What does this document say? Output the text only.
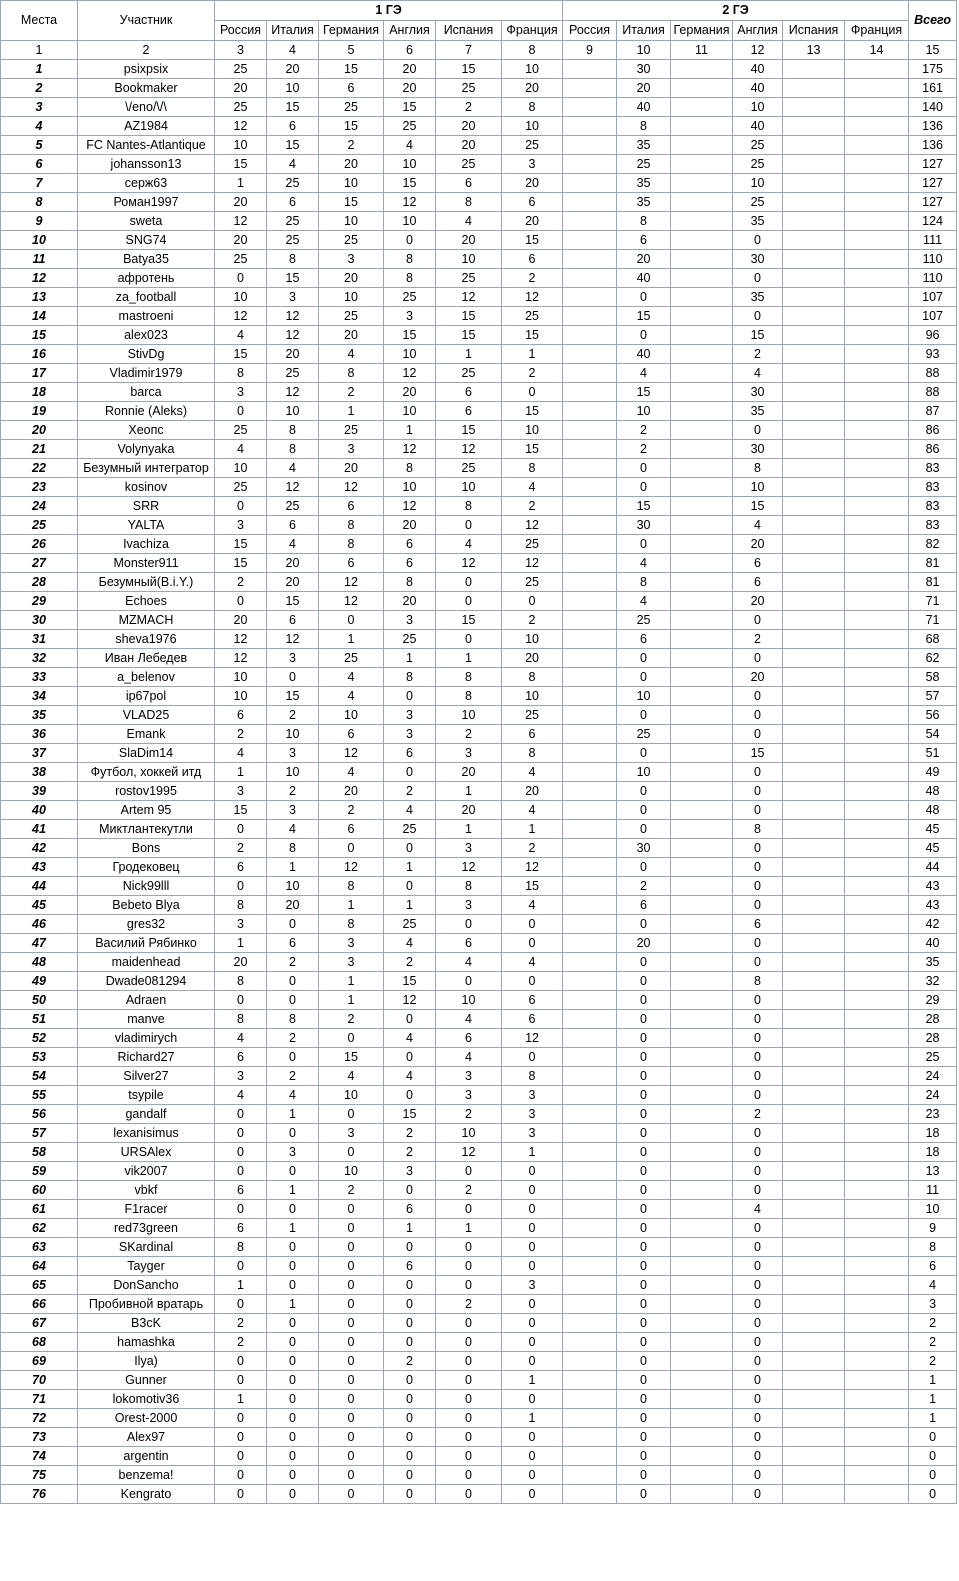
Места	Участник	1 ГЭ						2 ГЭ						Всего
		Россия	Италия	Германия	Англия	Испания	Франция	Россия	Италия	Германия	Англия	Испания	Франция	
1	2	3	4	5	6	7	8	9	10	11	12	13	14	15
1	psixpsix	25	20	15	20	15	10		30		40			175
2	Bookmaker	20	10	6	20	25	20		20		40			161
3	\/eno/\/\	25	15	25	15	2	8		40		10			140
4	AZ1984	12	6	15	25	20	10		8		40			136
5	FC Nantes-Atlantique	10	15	2	4	20	25		35		25			136
6	johansson13	15	4	20	10	25	3		25		25			127
7	серж63	1	25	10	15	6	20		35		10			127
8	Роман1997	20	6	15	12	8	6		35		25			127
9	sweta	12	25	10	10	4	20		8		35			124
10	SNG74	20	25	25	0	20	15		6		0			111
11	Batya35	25	8	3	8	10	6		20		30			110
12	афротень	0	15	20	8	25	2		40		0			110
13	za_football	10	3	10	25	12	12		0		35			107
14	mastroeni	12	12	25	3	15	25		15		0			107
15	alex023	4	12	20	15	15	15		0		15			96
16	StivDg	15	20	4	10	1	1		40		2			93
17	Vladimir1979	8	25	8	12	25	2		4		4			88
18	barca	3	12	2	20	6	0		15		30			88
19	Ronnie (Aleks)	0	10	1	10	6	15		10		35			87
20	Хеопс	25	8	25	1	15	10		2		0			86
21	Volynyaka	4	8	3	12	12	15		2		30			86
22	Безумный интегратор	10	4	20	8	25	8		0		8			83
23	kosinov	25	12	12	10	10	4		0		10			83
24	SRR	0	25	6	12	8	2		15		15			83
25	YALTA	3	6	8	20	0	12		30		4			83
26	Ivachiza	15	4	8	6	4	25		0		20			82
27	Monster911	15	20	6	6	12	12		4		6			81
28	Безумный(B.i.Y.)	2	20	12	8	0	25		8		6			81
29	Echoes	0	15	12	20	0	0		4		20			71
30	MZMACH	20	6	0	3	15	2		25		0			71
31	sheva1976	12	12	1	25	0	10		6		2			68
32	Иван Лебедев	12	3	25	1	1	20		0		0			62
33	a_belenov	10	0	4	8	8	8		0		20			58
34	ip67pol	10	15	4	0	8	10		10		0			57
35	VLAD25	6	2	10	3	10	25		0		0			56
36	Emank	2	10	6	3	2	6		25		0			54
37	SlaDim14	4	3	12	6	3	8		0		15			51
38	Футбол, хоккей итд	1	10	4	0	20	4		10		0			49
39	rostov1995	3	2	20	2	1	20		0		0			48
40	Artem 95	15	3	2	4	20	4		0		0			48
41	Миктлантекутли	0	4	6	25	1	1		0		8			45
42	Bons	2	8	0	0	3	2		30		0			45
43	Гродековец	6	1	12	1	12	12		0		0			44
44	Nick99lll	0	10	8	0	8	15		2		0			43
45	Bebeto Blya	8	20	1	1	3	4		6		0			43
46	gres32	3	0	8	25	0	0		0		6			42
47	Василий Рябинко	1	6	3	4	6	0		20		0			40
48	maidenhead	20	2	3	2	4	4		0		0			35
49	Dwade081294	8	0	1	15	0	0		0		8			32
50	Adraen	0	0	1	12	10	6		0		0			29
51	manve	8	8	2	0	4	6		0		0			28
52	vladimirych	4	2	0	4	6	12		0		0			28
53	Richard27	6	0	15	0	4	0		0		0			25
54	Silver27	3	2	4	4	3	8		0		0			24
55	tsypile	4	4	10	0	3	3		0		0			24
56	gandalf	0	1	0	15	2	3		0		2			23
57	lexanisimus	0	0	3	2	10	3		0		0			18
58	URSAlex	0	3	0	2	12	1		0		0			18
59	vik2007	0	0	10	3	0	0		0		0			13
60	vbkf	6	1	2	0	2	0		0		0			11
61	F1racer	0	0	0	6	0	0		0		4			10
62	red73green	6	1	0	1	1	0		0		0			9
63	SKardinal	8	0	0	0	0	0		0		0			8
64	Tayger	0	0	0	6	0	0		0		0			6
65	DonSancho	1	0	0	0	0	3		0		0			4
66	Пробивной вратарь	0	1	0	0	2	0		0		0			3
67	B3cK	2	0	0	0	0	0		0		0			2
68	hamashka	2	0	0	0	0	0		0		0			2
69	Ilya)	0	0	0	2	0	0		0		0			2
70	Gunner	0	0	0	0	0	1		0		0			1
71	lokomotiv36	1	0	0	0	0	0		0		0			1
72	Orest-2000	0	0	0	0	0	1		0		0			1
73	Alex97	0	0	0	0	0	0		0		0			0
74	argentin	0	0	0	0	0	0		0		0			0
75	benzema!	0	0	0	0	0	0		0		0			0
76	Kengrato	0	0	0	0	0	0		0		0			0
